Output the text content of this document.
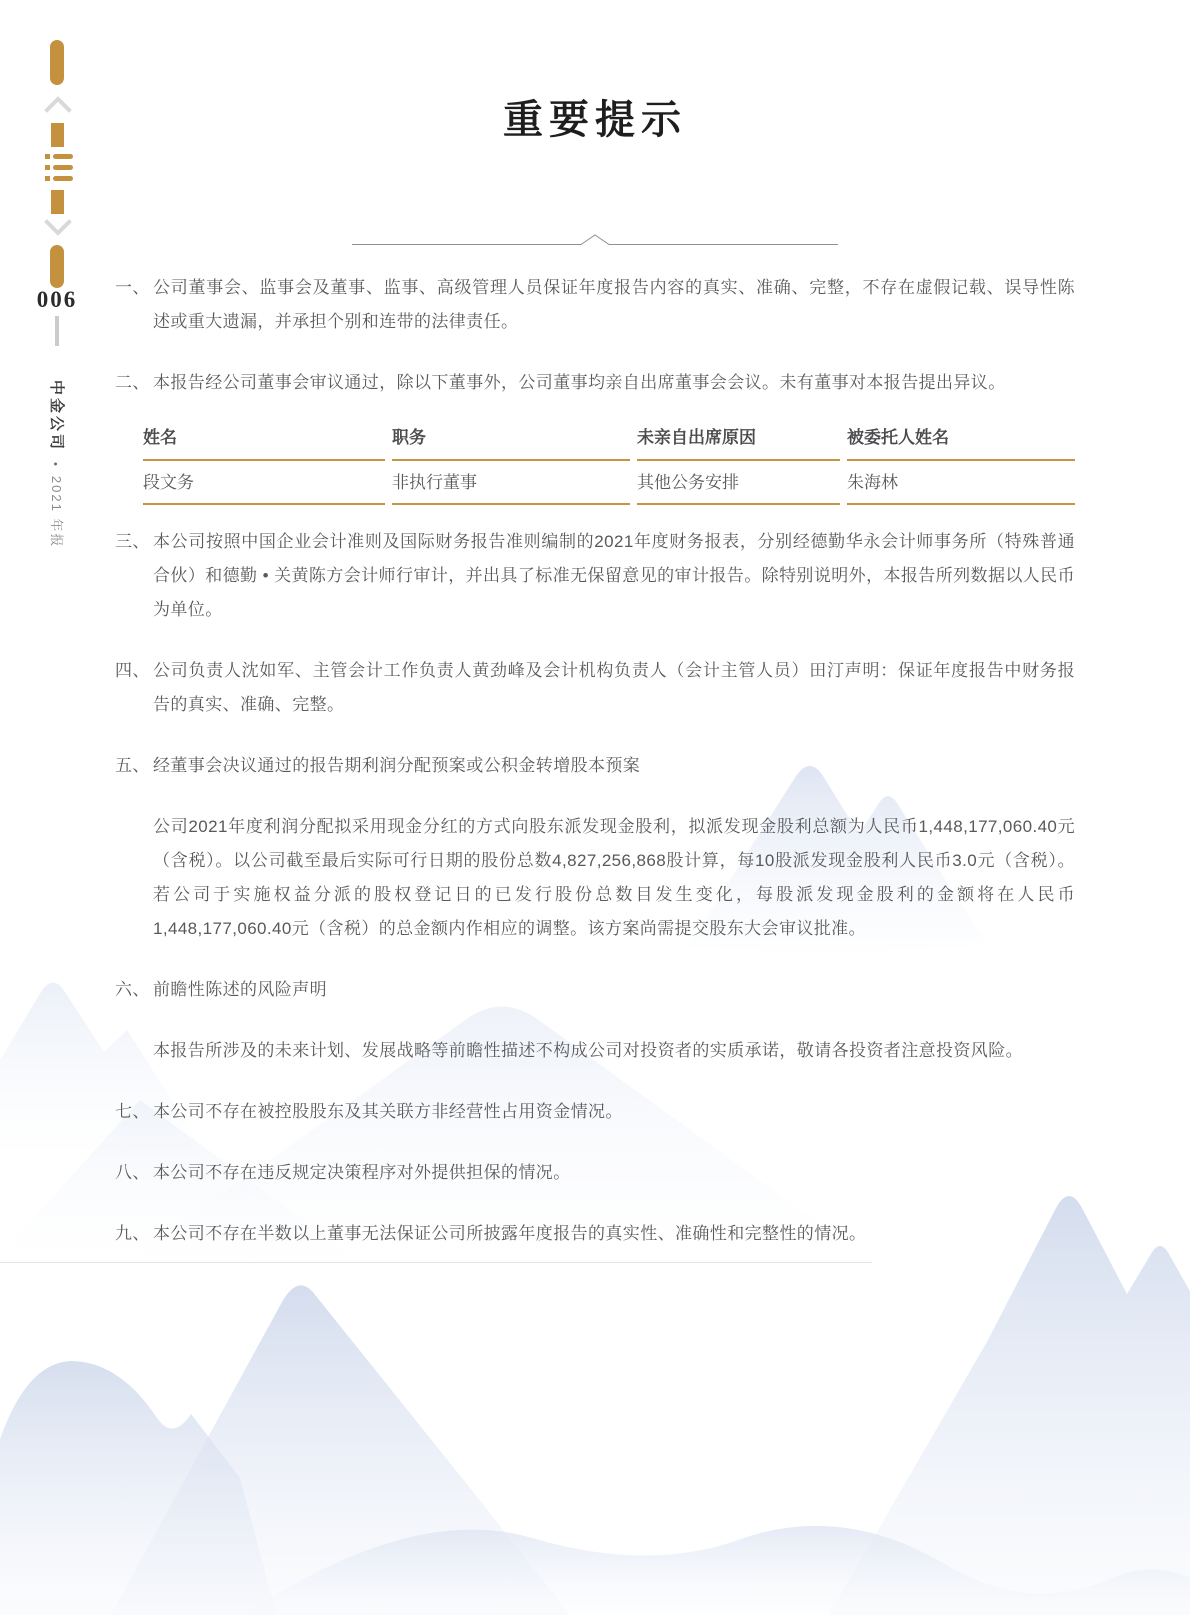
006
中金公司•2021 年报
重要提示
一、 公司董事会、监事会及董事、监事、高级管理人员保证年度报告内容的真实、准确、完整，不存在虚假记载、误导性陈述或重大遗漏，并承担个别和连带的法律责任。

二、 本报告经公司董事会审议通过，除以下董事外，公司董事均亲自出席董事会会议。未有董事对本报告提出异议。

姓名	职务	未亲自出席原因	被委托人姓名
段文务	非执行董事	其他公务安排	朱海林
三、 本公司按照中国企业会计准则及国际财务报告准则编制的2021年度财务报表，分别经德勤华永会计师事务所（特殊普通合伙）和德勤 • 关黄陈方会计师行审计，并出具了标准无保留意见的审计报告。除特别说明外，本报告所列数据以人民币为单位。

四、 公司负责人沈如军、主管会计工作负责人黄劲峰及会计机构负责人（会计主管人员）田汀声明：保证年度报告中财务报告的真实、准确、完整。

五、 经董事会决议通过的报告期利润分配预案或公积金转增股本预案

公司2021年度利润分配拟采用现金分红的方式向股东派发现金股利，拟派发现金股利总额为人民币1,448,177,060.40元（含税）。以公司截至最后实际可行日期的股份总数4,827,256,868股计算，每10股派发现金股利人民币3.0元（含税）。若公司于实施权益分派的股权登记日的已发行股份总数目发生变化，每股派发现金股利的金额将在人民币1,448,177,060.40元（含税）的总金额内作相应的调整。该方案尚需提交股东大会审议批准。

六、 前瞻性陈述的风险声明

本报告所涉及的未来计划、发展战略等前瞻性描述不构成公司对投资者的实质承诺，敬请各投资者注意投资风险。

七、 本公司不存在被控股股东及其关联方非经营性占用资金情况。

八、 本公司不存在违反规定决策程序对外提供担保的情况。

九、 本公司不存在半数以上董事无法保证公司所披露年度报告的真实性、准确性和完整性的情况。
